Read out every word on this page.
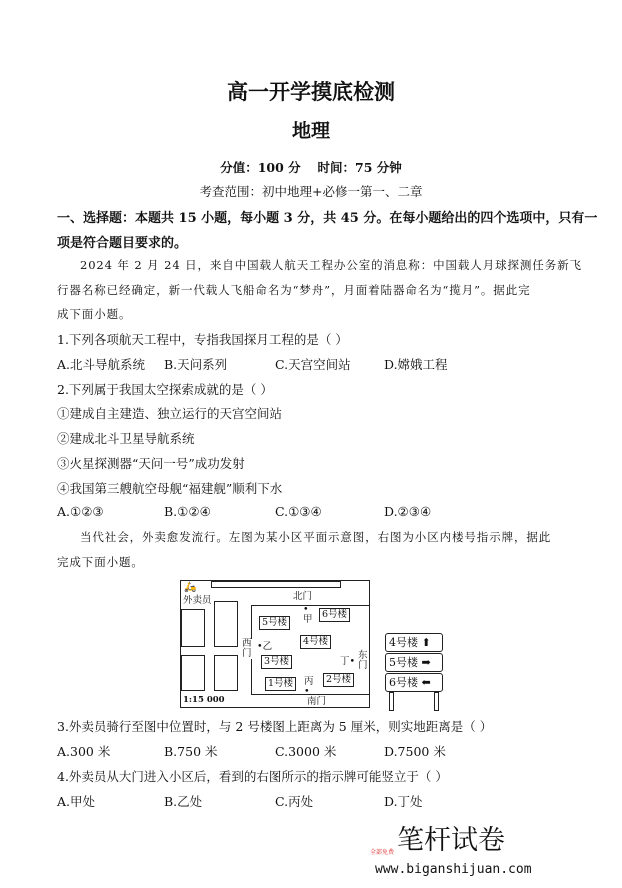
高一开学摸底检测
地理
分值：100 分　 时间：75 分钟
考查范围：初中地理+必修一第一、二章
一、选择题：本题共 15 小题，每小题 3 分，共 45 分。在每小题给出的四个选项中，只有一
项是符合题目要求的。
2024 年 2 月 24 日，来自中国载人航天工程办公室的消息称：中国载人月球探测任务新飞
行器名称已经确定，新一代载人飞船命名为“梦舟”，月面着陆器命名为“揽月”。据此完
成下面小题。
1.下列各项航天工程中，专指我国探月工程的是（ ）
A.北斗导航系统 B.天问系列	C.天宫空间站	D.嫦娥工程
2.下列属于我国太空探索成就的是（ ）
①建成自主建造、独立运行的天宫空间站
②建成北斗卫星导航系统
③火星探测器“天问一号”成功发射
④我国第三艘航空母舰“福建舰”顺利下水
A.①②③	B.①②④	C.①③④	D.②③④
当代社会，外卖愈发流行。左图为某小区平面示意图，右图为小区内楼号指示牌，据此
完成下面小题。
🛵
外卖员	北门
西
门	东
门
南门
•
甲
•乙
丙
•
丁•
6号楼
5号楼
4号楼
3号楼
2号楼
1号楼
1:15 000
4号楼 ⬆
5号楼 ➡
6号楼 ⬅
3.外卖员骑行至图中位置时，与 2 号楼图上距离为 5 厘米，则实地距离是（ ）
A.300 米	B.750 米	C.3000 米	D.7500 米
4.外卖员从大门进入小区后，看到的右图所示的指示牌可能竖立于（ ）
A.甲处	B.乙处	C.丙处	D.丁处
笔杆试卷
全部免费
www.biganshijuan.com
